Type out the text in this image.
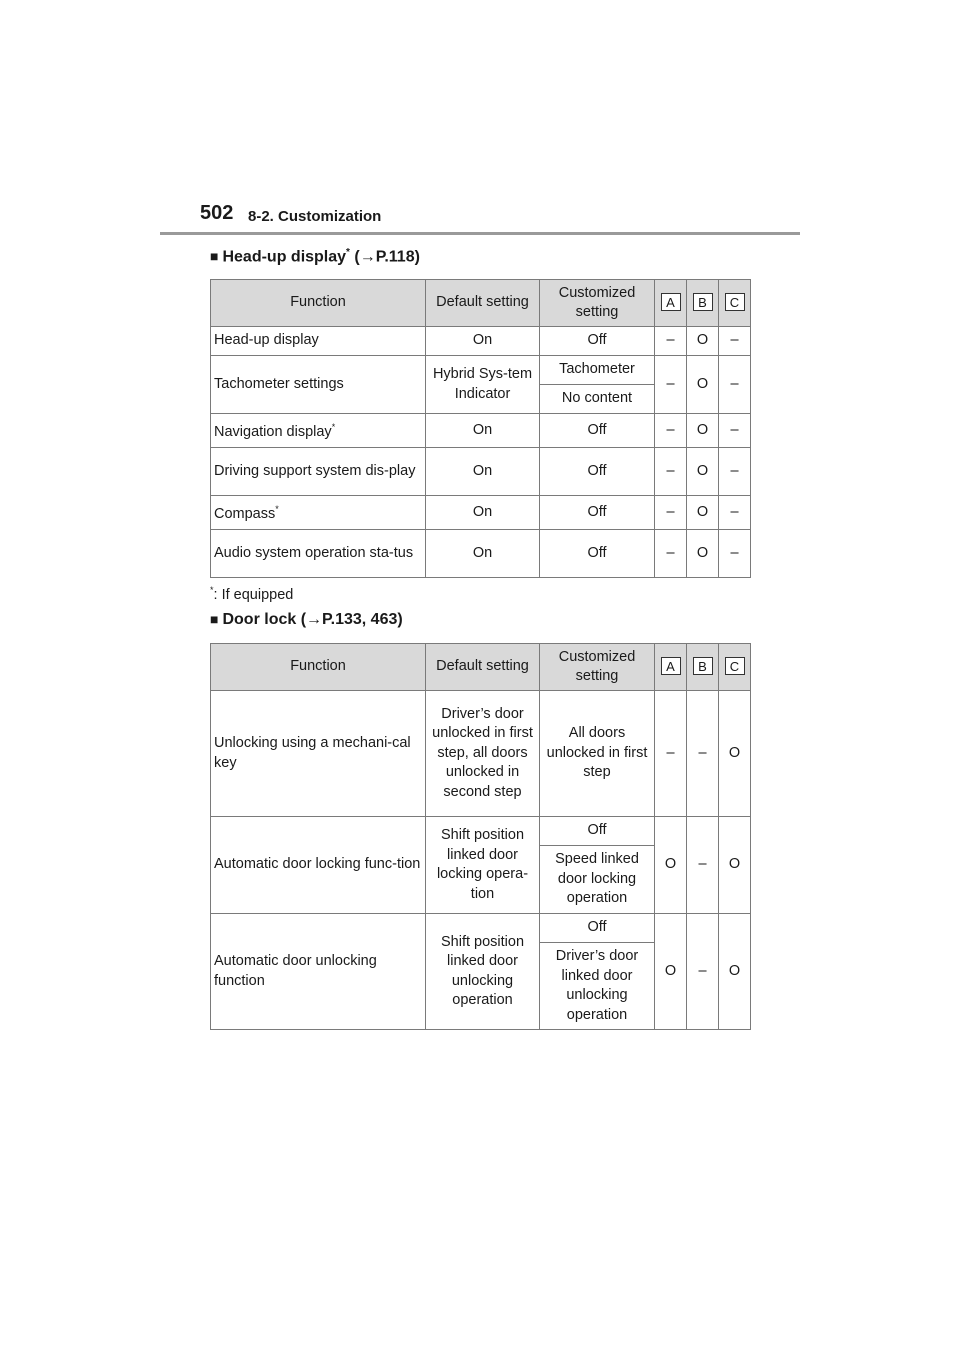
502 8-2. Customization
■ Head-up display* (→P.118)
Function	Default setting	Customized setting	A	B	C
Head-up display	On	Off	–	O	–
Tachometer settings	Hybrid Sys-tem Indicator	Tachometer	–	O	–
		No content			
Navigation display*	On	Off	–	O	–
Driving support system dis-play	On	Off	–	O	–
Compass*	On	Off	–	O	–
Audio system operation sta-tus	On	Off	–	O	–
*: If equipped
■ Door lock (→P.133, 463)
Function	Default setting	Customized setting	A	B	C
Unlocking using a mechani-cal key	Driver’s door unlocked in first step, all doors unlocked in second step	All doors unlocked in first step	–	–	O
Automatic door locking func-tion	Shift position linked door locking opera-tion	Off	O	–	O
		Speed linked door locking operation			
Automatic door unlocking function	Shift position linked door unlocking operation	Off	O	–	O
		Driver’s door linked door unlocking operation			
